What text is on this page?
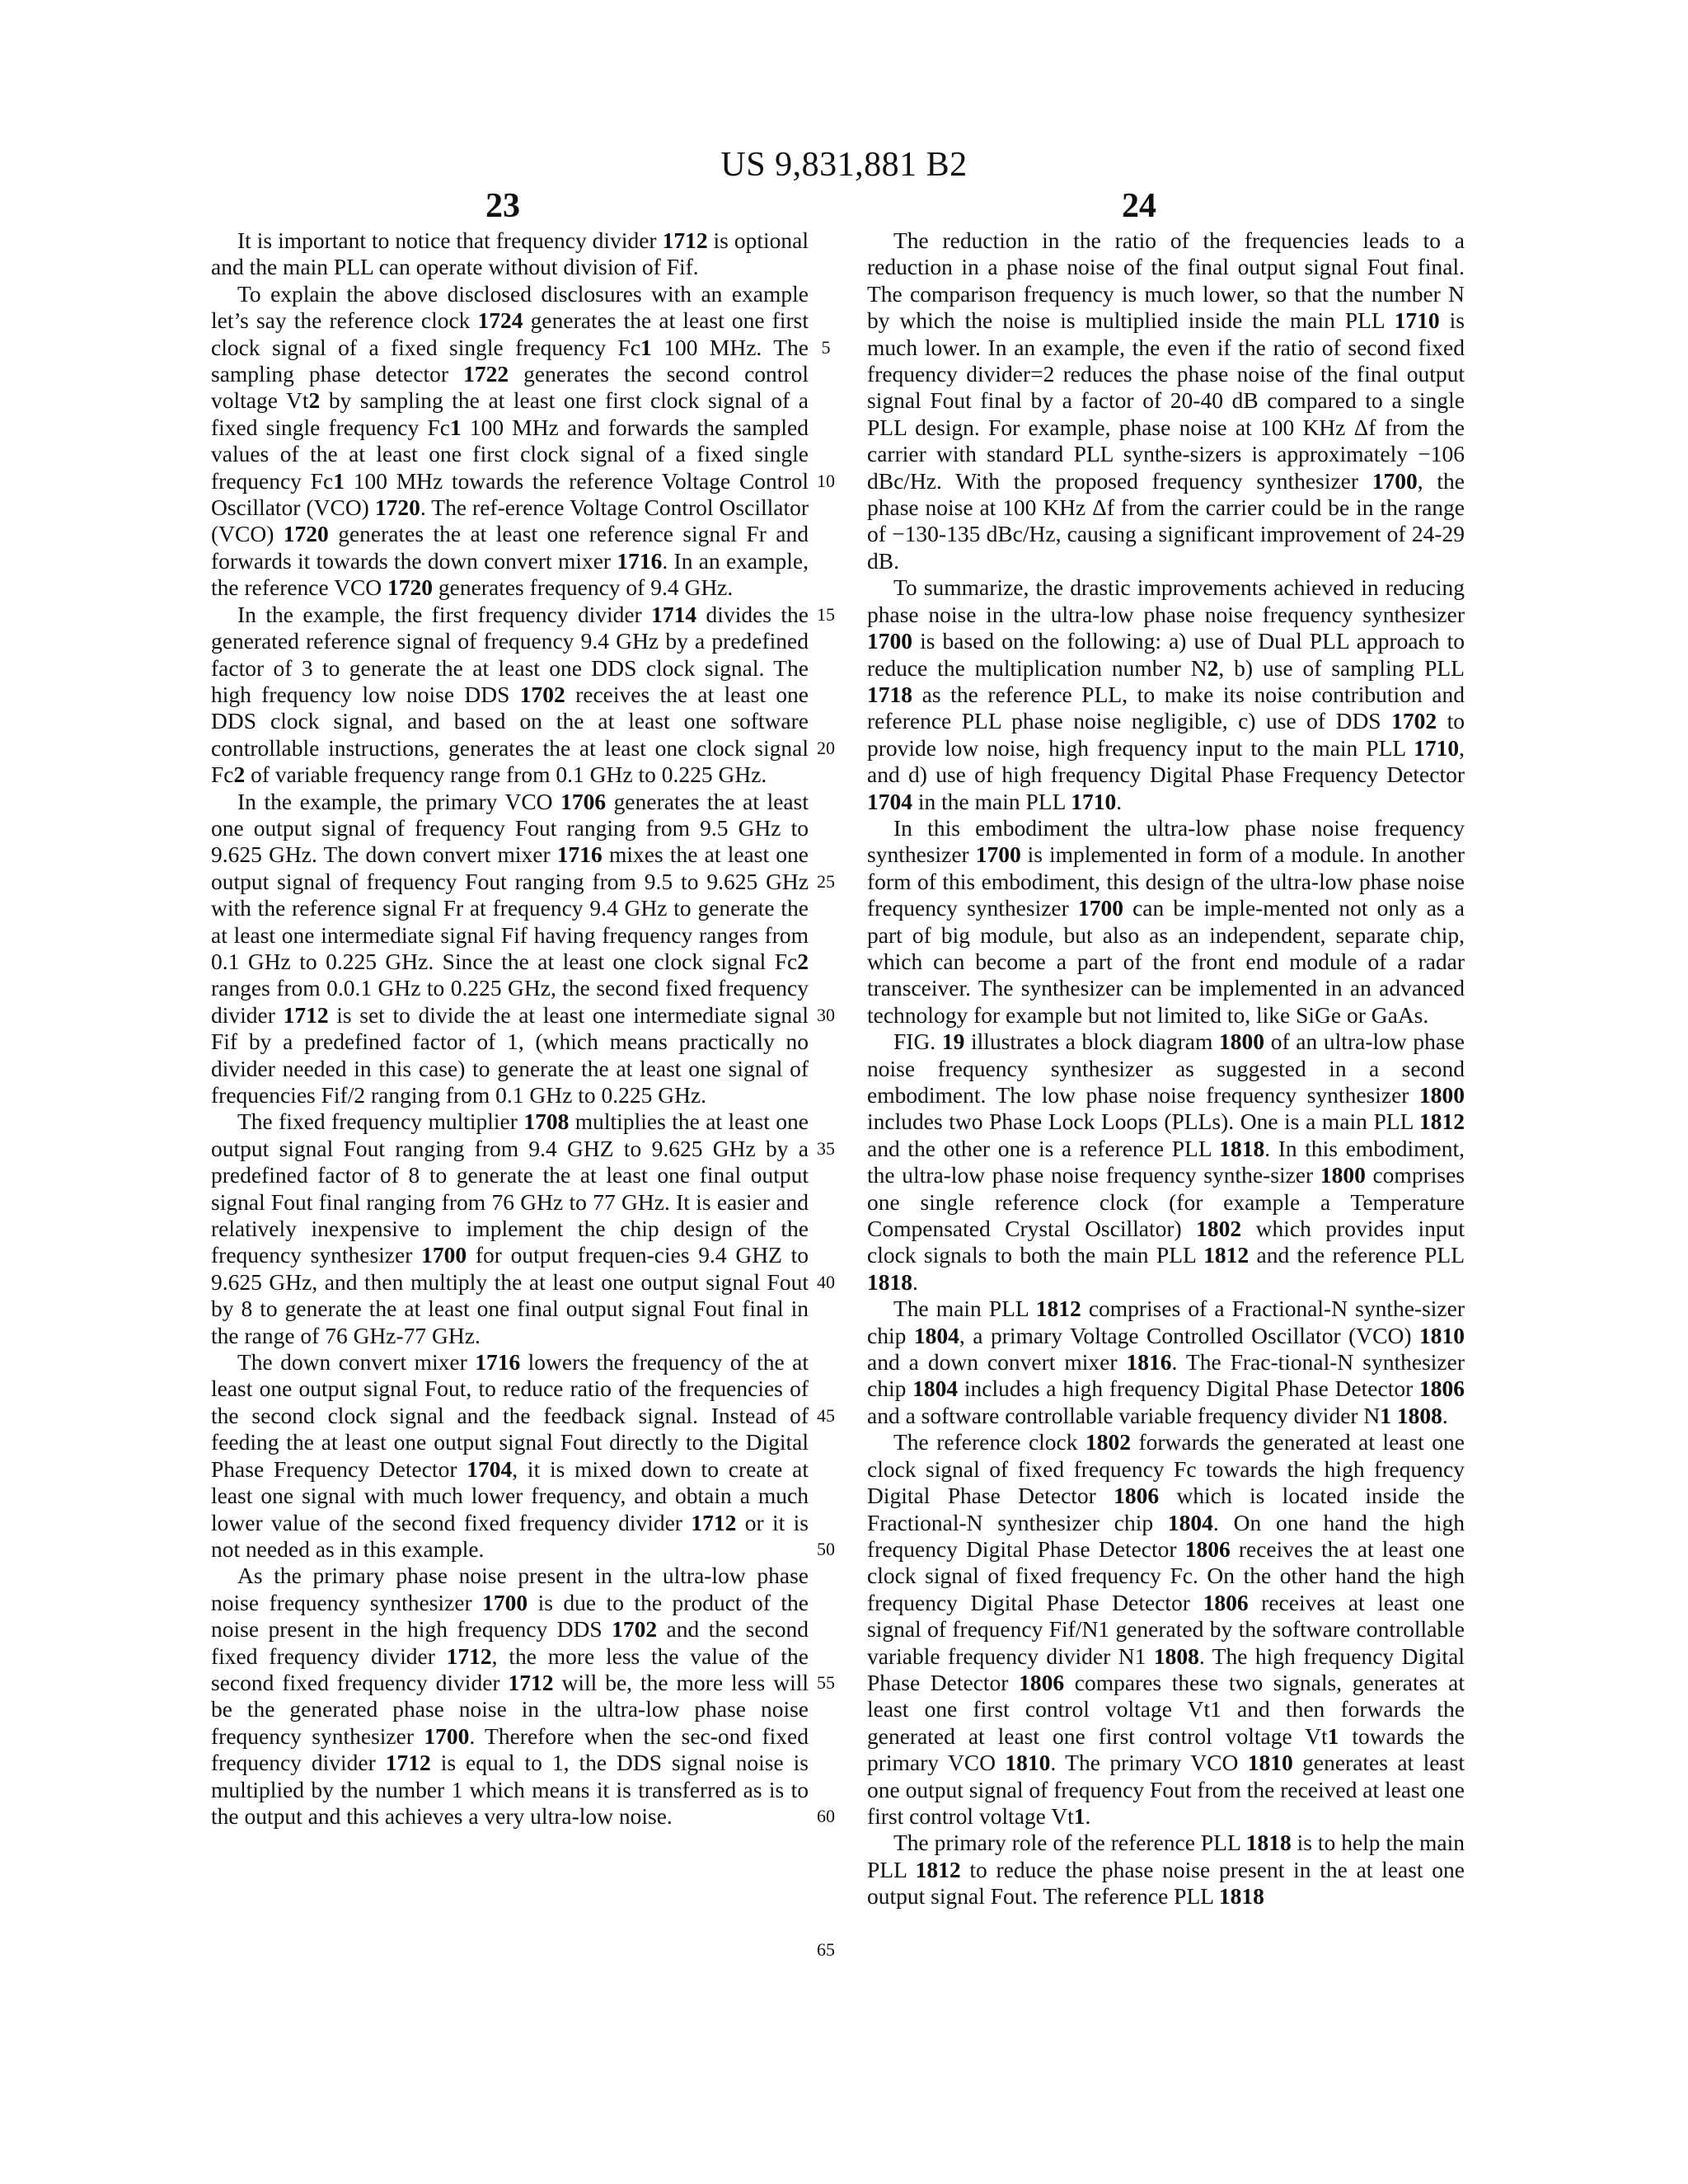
US 9,831,881 B2
23	24

It is important to notice that frequency divider 1712 is optional and the main PLL can operate without division of Fif.

To explain the above disclosed disclosures with an example let’s say the reference clock 1724 generates the at least one first clock signal of a fixed single frequency Fc1 100 MHz. The sampling phase detector 1722 generates the second control voltage Vt2 by sampling the at least one first clock signal of a fixed single frequency Fc1 100 MHz and forwards the sampled values of the at least one first clock signal of a fixed single frequency Fc1 100 MHz towards the reference Voltage Control Oscillator (VCO) 1720. The ref-erence Voltage Control Oscillator (VCO) 1720 generates the at least one reference signal Fr and forwards it towards the down convert mixer 1716. In an example, the reference VCO 1720 generates frequency of 9.4 GHz.

In the example, the first frequency divider 1714 divides the generated reference signal of frequency 9.4 GHz by a predefined factor of 3 to generate the at least one DDS clock signal. The high frequency low noise DDS 1702 receives the at least one DDS clock signal, and based on the at least one software controllable instructions, generates the at least one clock signal Fc2 of variable frequency range from 0.1 GHz to 0.225 GHz.

In the example, the primary VCO 1706 generates the at least one output signal of frequency Fout ranging from 9.5 GHz to 9.625 GHz. The down convert mixer 1716 mixes the at least one output signal of frequency Fout ranging from 9.5 to 9.625 GHz with the reference signal Fr at frequency 9.4 GHz to generate the at least one intermediate signal Fif having frequency ranges from 0.1 GHz to 0.225 GHz. Since the at least one clock signal Fc2 ranges from 0.0.1 GHz to 0.225 GHz, the second fixed frequency divider 1712 is set to divide the at least one intermediate signal Fif by a predefined factor of 1, (which means practically no divider needed in this case) to generate the at least one signal of frequencies Fif/2 ranging from 0.1 GHz to 0.225 GHz.

The fixed frequency multiplier 1708 multiplies the at least one output signal Fout ranging from 9.4 GHZ to 9.625 GHz by a predefined factor of 8 to generate the at least one final output signal Fout final ranging from 76 GHz to 77 GHz. It is easier and relatively inexpensive to implement the chip design of the frequency synthesizer 1700 for output frequen-cies 9.4 GHZ to 9.625 GHz, and then multiply the at least one output signal Fout by 8 to generate the at least one final output signal Fout final in the range of 76 GHz-77 GHz.

The down convert mixer 1716 lowers the frequency of the at least one output signal Fout, to reduce ratio of the frequencies of the second clock signal and the feedback signal. Instead of feeding the at least one output signal Fout directly to the Digital Phase Frequency Detector 1704, it is mixed down to create at least one signal with much lower frequency, and obtain a much lower value of the second fixed frequency divider 1712 or it is not needed as in this example.

As the primary phase noise present in the ultra-low phase noise frequency synthesizer 1700 is due to the product of the noise present in the high frequency DDS 1702 and the second fixed frequency divider 1712, the more less the value of the second fixed frequency divider 1712 will be, the more less will be the generated phase noise in the ultra-low phase noise frequency synthesizer 1700. Therefore when the sec-ond fixed frequency divider 1712 is equal to 1, the DDS signal noise is multiplied by the number 1 which means it is transferred as is to the output and this achieves a very ultra-low noise.

5
10
15
20
25
30
35
40
45
50
55
60
65

The reduction in the ratio of the frequencies leads to a reduction in a phase noise of the final output signal Fout final. The comparison frequency is much lower, so that the number N by which the noise is multiplied inside the main PLL 1710 is much lower. In an example, the even if the ratio of second fixed frequency divider=2 reduces the phase noise of the final output signal Fout final by a factor of 20-40 dB compared to a single PLL design. For example, phase noise at 100 KHz Δf from the carrier with standard PLL synthe-sizers is approximately −106 dBc/Hz. With the proposed frequency synthesizer 1700, the phase noise at 100 KHz Δf from the carrier could be in the range of −130-135 dBc/Hz, causing a significant improvement of 24-29 dB.

To summarize, the drastic improvements achieved in reducing phase noise in the ultra-low phase noise frequency synthesizer 1700 is based on the following: a) use of Dual PLL approach to reduce the multiplication number N2, b) use of sampling PLL 1718 as the reference PLL, to make its noise contribution and reference PLL phase noise negligible, c) use of DDS 1702 to provide low noise, high frequency input to the main PLL 1710, and d) use of high frequency Digital Phase Frequency Detector 1704 in the main PLL 1710.

In this embodiment the ultra-low phase noise frequency synthesizer 1700 is implemented in form of a module. In another form of this embodiment, this design of the ultra-low phase noise frequency synthesizer 1700 can be imple-mented not only as a part of big module, but also as an independent, separate chip, which can become a part of the front end module of a radar transceiver. The synthesizer can be implemented in an advanced technology for example but not limited to, like SiGe or GaAs.

FIG. 19 illustrates a block diagram 1800 of an ultra-low phase noise frequency synthesizer as suggested in a second embodiment. The low phase noise frequency synthesizer 1800 includes two Phase Lock Loops (PLLs). One is a main PLL 1812 and the other one is a reference PLL 1818. In this embodiment, the ultra-low phase noise frequency synthe-sizer 1800 comprises one single reference clock (for example a Temperature Compensated Crystal Oscillator) 1802 which provides input clock signals to both the main PLL 1812 and the reference PLL 1818.

The main PLL 1812 comprises of a Fractional-N synthe-sizer chip 1804, a primary Voltage Controlled Oscillator (VCO) 1810 and a down convert mixer 1816. The Frac-tional-N synthesizer chip 1804 includes a high frequency Digital Phase Detector 1806 and a software controllable variable frequency divider N1 1808.

The reference clock 1802 forwards the generated at least one clock signal of fixed frequency Fc towards the high frequency Digital Phase Detector 1806 which is located inside the Fractional-N synthesizer chip 1804. On one hand the high frequency Digital Phase Detector 1806 receives the at least one clock signal of fixed frequency Fc. On the other hand the high frequency Digital Phase Detector 1806 receives at least one signal of frequency Fif/N1 generated by the software controllable variable frequency divider N1 1808. The high frequency Digital Phase Detector 1806 compares these two signals, generates at least one first control voltage Vt1 and then forwards the generated at least one first control voltage Vt1 towards the primary VCO 1810. The primary VCO 1810 generates at least one output signal of frequency Fout from the received at least one first control voltage Vt1.

The primary role of the reference PLL 1818 is to help the main PLL 1812 to reduce the phase noise present in the at least one output signal Fout. The reference PLL 1818
